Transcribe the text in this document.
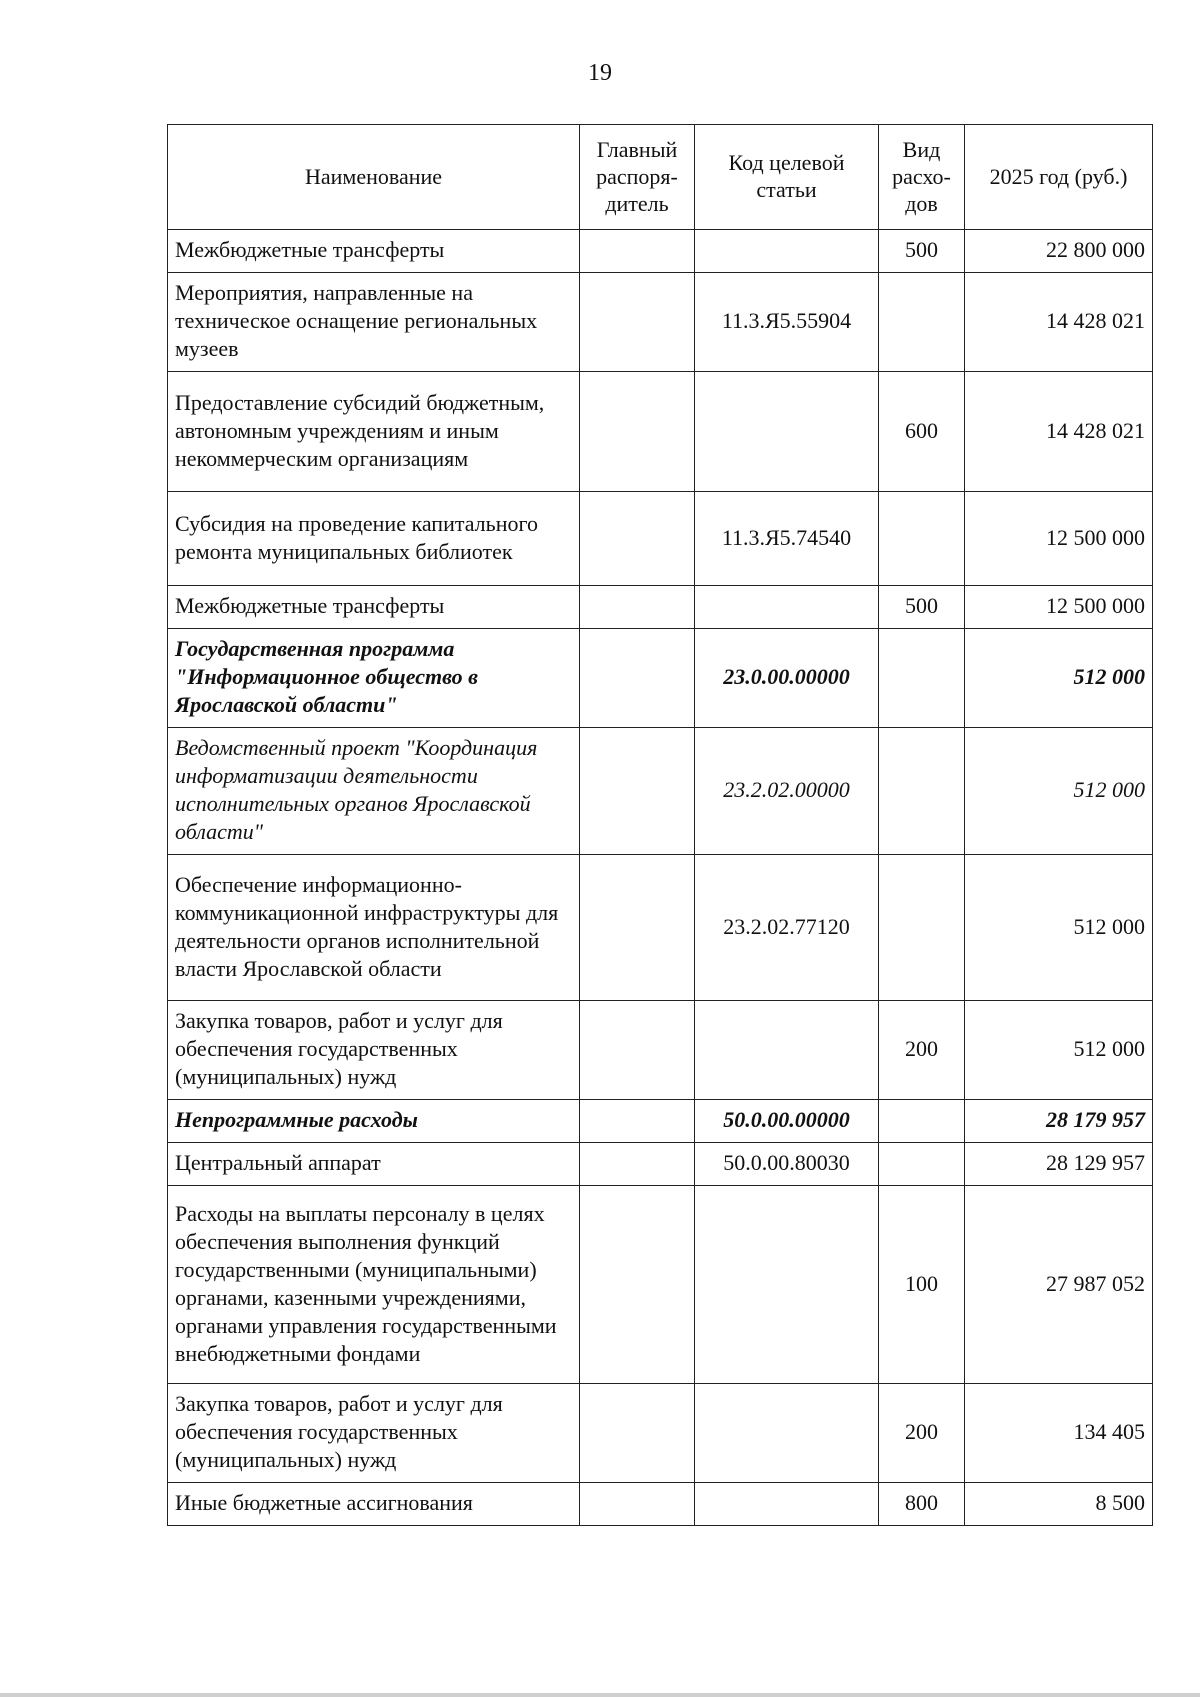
19
Наименование	Главный распоря-дитель	Код целевой статьи	Вид расхо-дов	2025 год (руб.)
Межбюджетные трансферты			500	22 800 000
Мероприятия, направленные на техническое оснащение региональных музеев		11.3.Я5.55904		14 428 021
Предоставление субсидий бюджетным, автономным учреждениям и иным некоммерческим организациям			600	14 428 021
Субсидия на проведение капитального ремонта муниципальных библиотек		11.3.Я5.74540		12 500 000
Межбюджетные трансферты			500	12 500 000
Государственная программа "Информационное общество в Ярославской области"		23.0.00.00000		512 000
Ведомственный проект "Координация информатизации деятельности исполнительных органов Ярославской области"		23.2.02.00000		512 000
Обеспечение информационно-коммуникационной инфраструктуры для деятельности органов исполнительной власти Ярославской области		23.2.02.77120		512 000
Закупка товаров, работ и услуг для обеспечения государственных (муниципальных) нужд			200	512 000
Непрограммные расходы		50.0.00.00000		28 179 957
Центральный аппарат		50.0.00.80030		28 129 957
Расходы на выплаты персоналу в целях обеспечения выполнения функций государственными (муниципальными) органами, казенными учреждениями, органами управления государственными внебюджетными фондами			100	27 987 052
Закупка товаров, работ и услуг для обеспечения государственных (муниципальных) нужд			200	134 405
Иные бюджетные ассигнования			800	8 500
